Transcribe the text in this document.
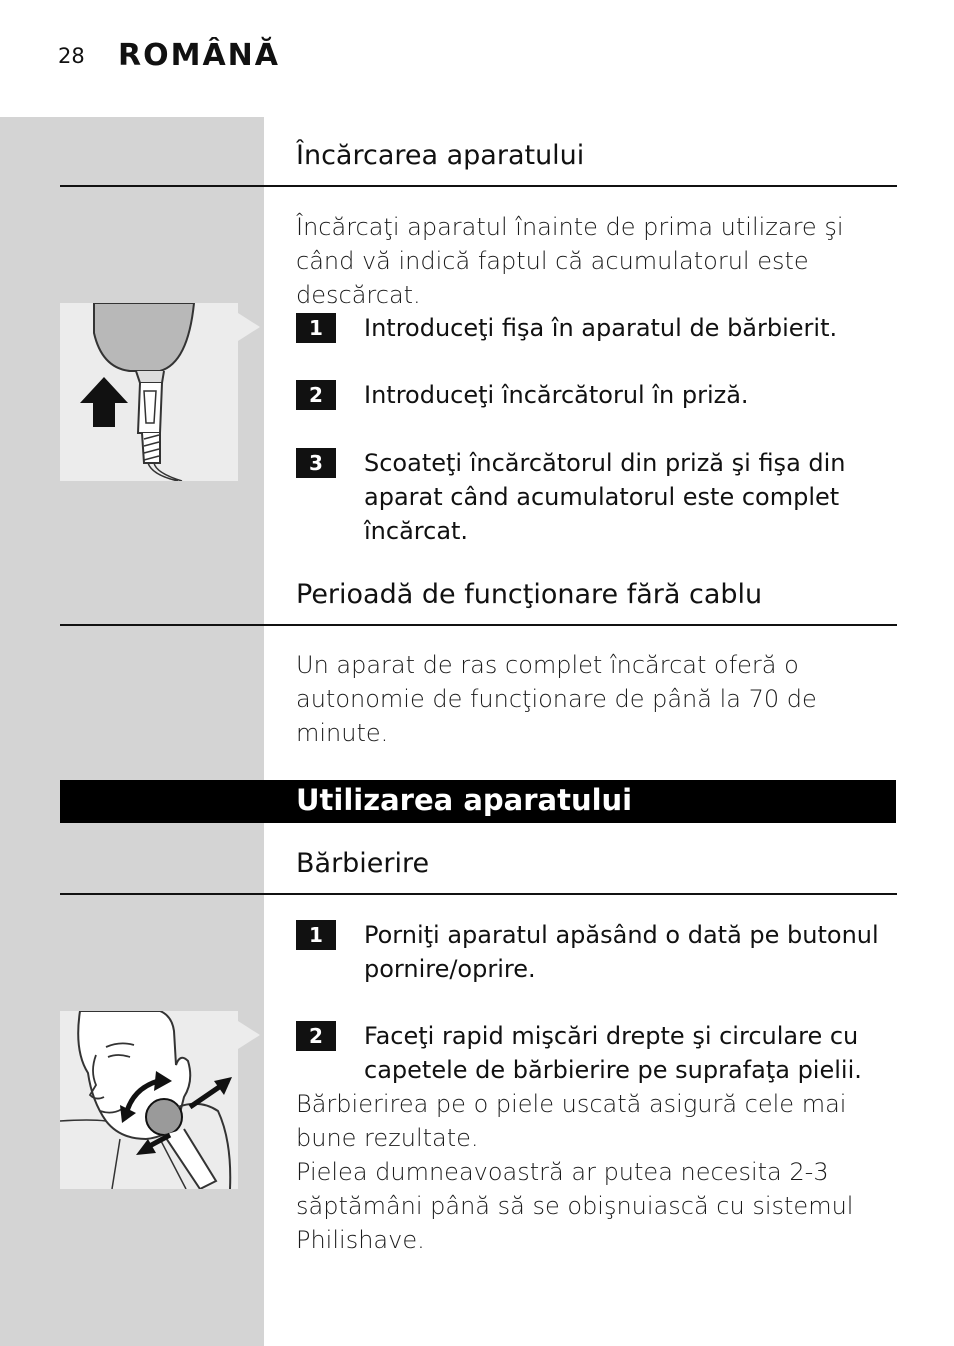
28 ROMÂNĂ
Încărcarea aparatului

Încărcaţi aparatul înainte de prima utilizare şi când vă indică faptul că acumulatorul este descărcat.

1	Introduceţi fişa în aparatul de bărbierit.
2	Introduceţi încărcătorul în priză.
3	Scoateţi încărcătorul din priză şi fişa din aparat când acumulatorul este complet încărcat.
Perioadă de funcţionare fără cablu

Un aparat de ras complet încărcat oferă o autonomie de funcţionare de până la 70 de minute.

Utilizarea aparatului
Bărbierire
1	Porniţi aparatul apăsând o dată pe butonul pornire/oprire.
2	Faceţi rapid mişcări drepte şi circulare cu capetele de bărbierire pe suprafaţa pielii.

Bărbierirea pe o piele uscată asigură cele mai bune rezultate.

Pielea dumneavoastră ar putea necesita 2-3 săptămâni până să se obişnuiască cu sistemul Philishave.
